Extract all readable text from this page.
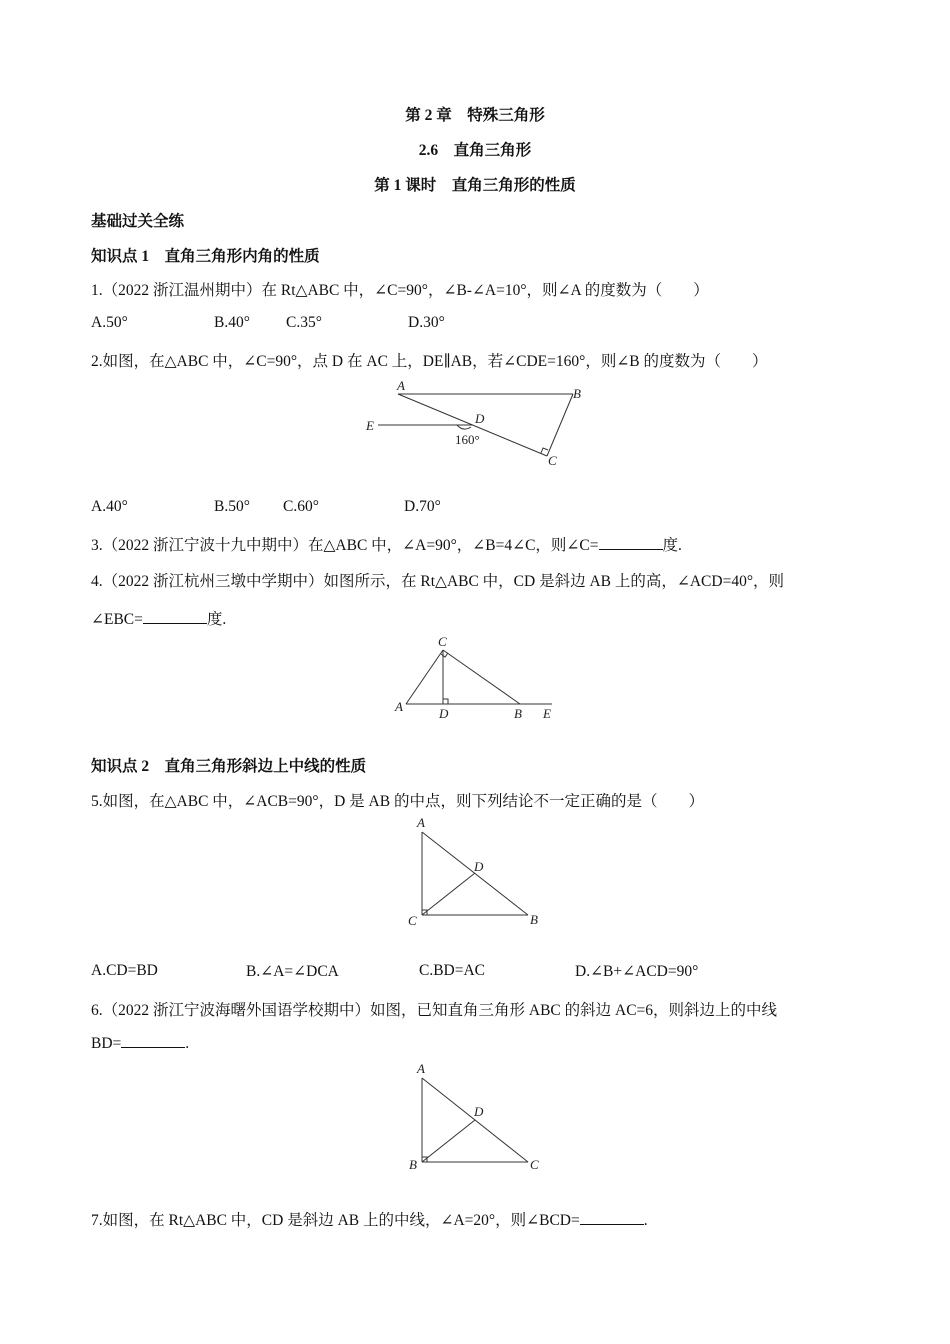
第 2 章　特殊三角形
2.6　直角三角形
第 1 课时　直角三角形的性质
基础过关全练
知识点 1　直角三角形内角的性质
1.（2022 浙江温州期中）在 Rt△ABC 中，∠C=90°，∠B-∠A=10°，则∠A 的度数为（　　）
A.50°	B.40° C.35°	D.30°
2.如图，在△ABC 中，∠C=90°，点 D 在 AC 上，DE∥AB，若∠CDE=160°，则∠B 的度数为（　　）
A
B
C
D
E
160°
A.40°	B.50° C.60°	D.70°
3.（2022 浙江宁波十九中期中）在△ABC 中，∠A=90°，∠B=4∠C，则∠C=	度.
4.（2022 浙江杭州三墩中学期中）如图所示，在 Rt△ABC 中，CD 是斜边 AB 上的高，∠ACD=40°，则
∠EBC=	度.
C
A	D	B E
知识点 2　直角三角形斜边上中线的性质
5.如图，在△ABC 中，∠ACB=90°，D 是 AB 的中点，则下列结论不一定正确的是（　　）
A
D
C	B
A.CD=BD	B.∠A=∠DCA	C.BD=AC	D.∠B+∠ACD=90°
6.（2022 浙江宁波海曙外国语学校期中）如图，已知直角三角形 ABC 的斜边 AC=6，则斜边上的中线
BD=	.
A
D
B	C
7.如图，在 Rt△ABC 中，CD 是斜边 AB 上的中线，∠A=20°，则∠BCD=	.
